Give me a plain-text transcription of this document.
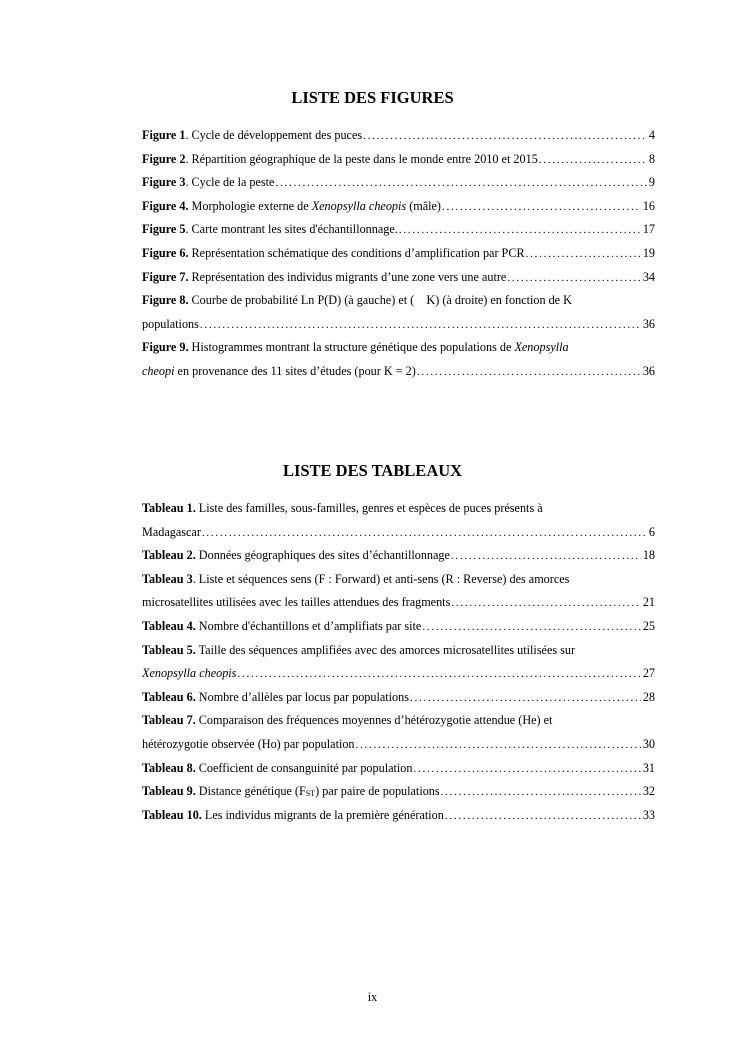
LISTE DES FIGURES
Figure 1. Cycle de développement des puces . . .	4
Figure 2. Répartition géographique de la peste dans le monde entre 2010 et 2015 . . .	8
Figure 3. Cycle de la peste . . .	9
Figure 4. Morphologie externe de Xenopsylla cheopis (mâle) . . .	16
Figure 5. Carte montrant les sites d'échantillonnage. . . .	17
Figure 6. Représentation schématique des conditions d’amplification par PCR . . .	19
Figure 7. Représentation des individus migrants d’une zone vers une autre . . .	34
Figure 8. Courbe de probabilité Ln P(D) (à gauche) et ( K) (à droite) en fonction de K
populations . . .	36
Figure 9. Histogrammes montrant la structure génétique des populations de Xenopsylla
cheopi en provenance des 11 sites d’études (pour K = 2) . . .	36
LISTE DES TABLEAUX
Tableau 1. Liste des familles, sous-familles, genres et espèces de puces présents à
Madagascar . . .	6
Tableau 2. Données géographiques des sites d’échantillonnage . . .	18
Tableau 3. Liste et séquences sens (F : Forward) et anti-sens (R : Reverse) des amorces
microsatellites utilisées avec les tailles attendues des fragments . . .	21
Tableau 4. Nombre d'échantillons et d’amplifiats par site . . .	25
Tableau 5. Taille des séquences amplifiées avec des amorces microsatellites utilisées sur
Xenopsylla cheopis . . .	27
Tableau 6. Nombre d’allèles par locus par populations . . .	28
Tableau 7. Comparaison des fréquences moyennes d’hétérozygotie attendue (He) et
hétérozygotie observée (Ho) par population . . .	30
Tableau 8. Coefficient de consanguinité par population . . .	31
Tableau 9. Distance génétique $(F_{ST})$ par paire de populations . . .	32
Tableau 10. Les individus migrants de la première génération . . .	33
ix
